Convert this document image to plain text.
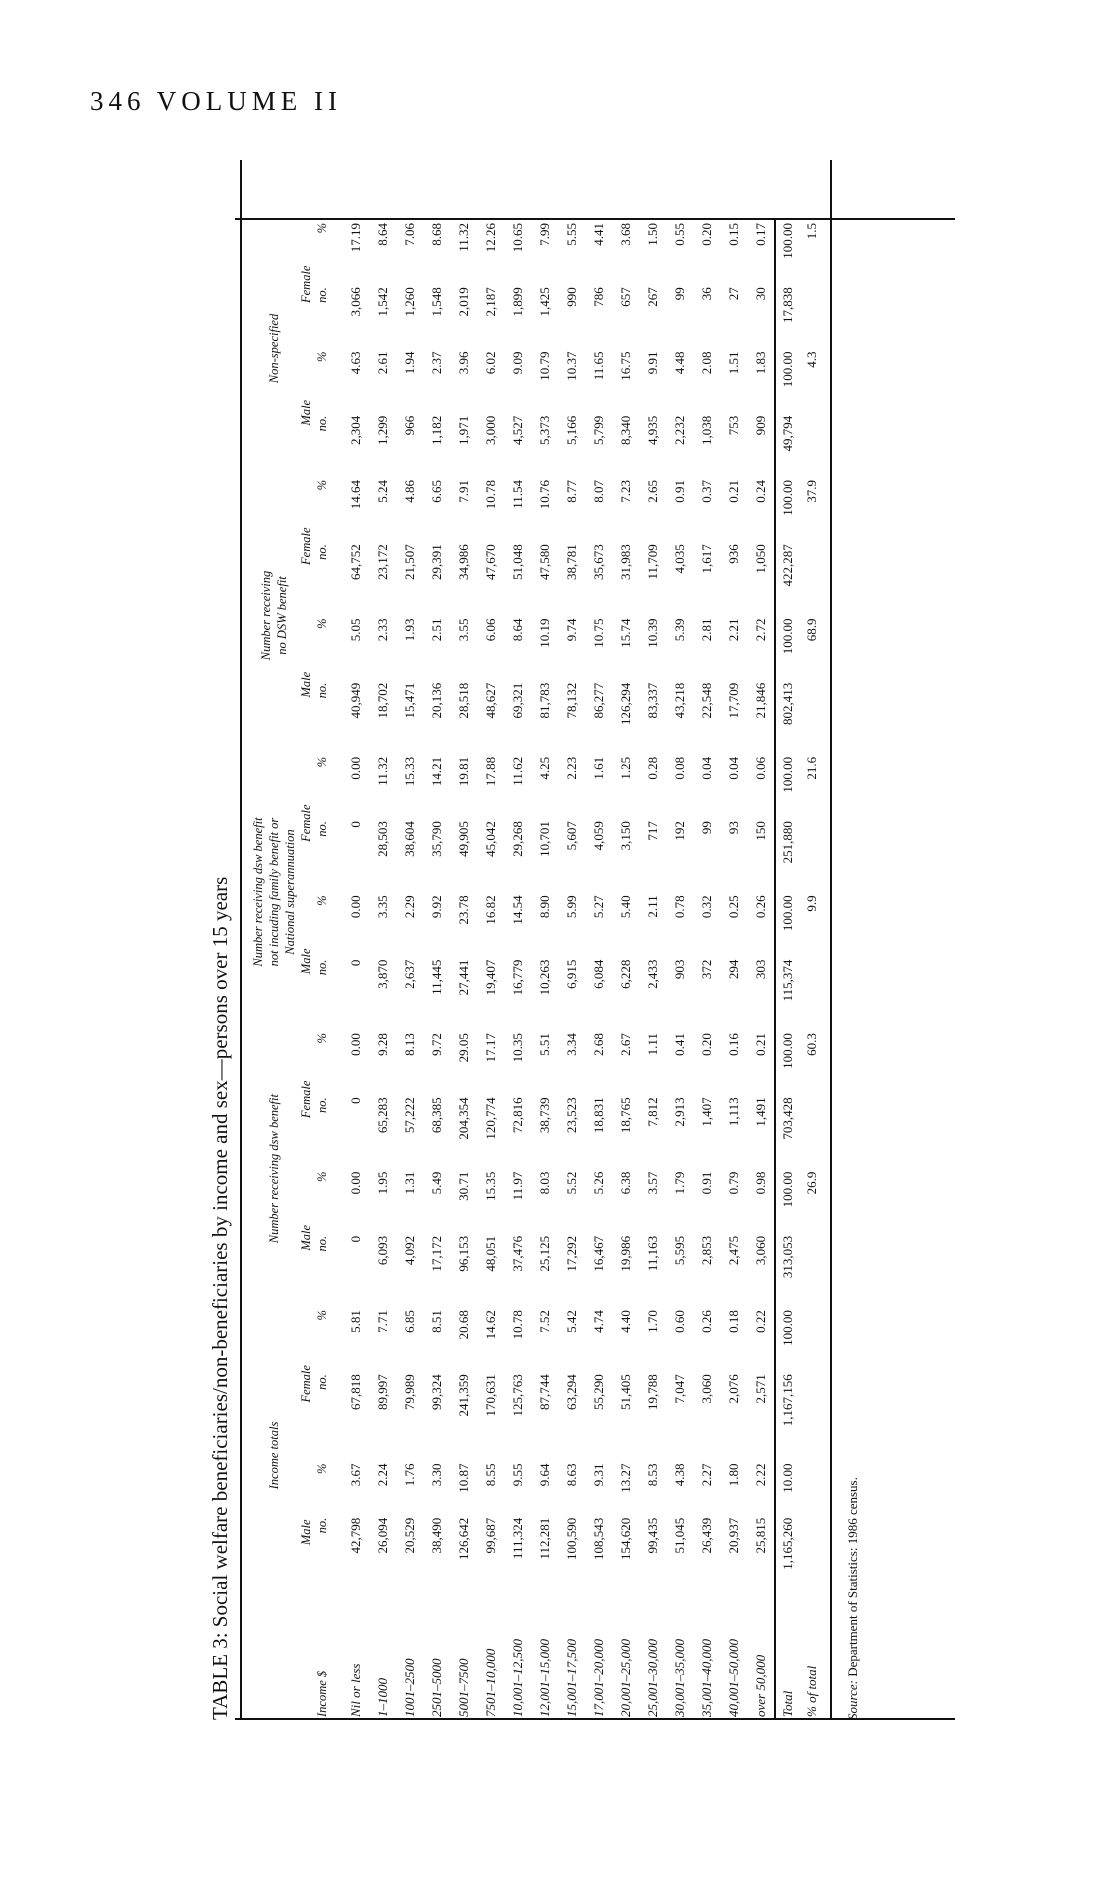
346 VOLUME II
TABLE 3: Social welfare beneficiaries/non-beneficiaries by income and sex—persons over 15 years
		Income totals				Number receiving dsw benefit				Number receiving dsw benefit not incuding family benefit or National superannuation				Number receiving no DSW benefit				Non-specified			
	Male		Female		Male		Female		Male		Female		Male		Female		Male		Female	
Income $	no.	%	no.	%	no.	%	no.	%	no.	%	no.	%	no.	%	no.	%	no.	%	no.	%
Nil or less	42,798	3.67	67,818	5.81	0	0.00	0	0.00	0	0.00	0	0.00	40,949	5.05	64,752	14.64	2,304	4.63	3,066	17.19
1–1000	26,094	2.24	89,997	7.71	6,093	1.95	65,283	9.28	3,870	3.35	28,503	11.32	18,702	2.33	23,172	5.24	1,299	2.61	1,542	8.64
1001–2500	20,529	1.76	79,989	6.85	4,092	1.31	57,222	8.13	2,637	2.29	38,604	15.33	15,471	1.93	21,507	4.86	966	1.94	1,260	7.06
2501–5000	38,490	3.30	99,324	8.51	17,172	5.49	68,385	9.72	11,445	9.92	35,790	14.21	20,136	2.51	29,391	6.65	1,182	2.37	1,548	8.68
5001–7500	126,642	10.87	241,359	20.68	96,153	30.71	204,354	29.05	27,441	23.78	49,905	19.81	28,518	3.55	34,986	7.91	1,971	3.96	2,019	11.32
7501–10,000	99,687	8.55	170,631	14.62	48,051	15.35	120,774	17.17	19,407	16.82	45,042	17.88	48,627	6.06	47,670	10.78	3,000	6.02	2,187	12.26
10,001–12,500	111,324	9.55	125,763	10.78	37,476	11.97	72,816	10.35	16,779	14.54	29,268	11.62	69,321	8.64	51,048	11.54	4,527	9.09	1,899	10.65
12,001–15,000	112,281	9.64	87,744	7.52	25,125	8.03	38,739	5.51	10,263	8.90	10,701	4.25	81,783	10.19	47,580	10.76	5,373	10.79	1,425	7.99
15,001–17,500	100,590	8.63	63,294	5.42	17,292	5.52	23,523	3.34	6,915	5.99	5,607	2.23	78,132	9.74	38,781	8.77	5,166	10.37	990	5.55
17,001–20,000	108,543	9.31	55,290	4.74	16,467	5.26	18,831	2.68	6,084	5.27	4,059	1.61	86,277	10.75	35,673	8.07	5,799	11.65	786	4.41
20,001–25,000	154,620	13.27	51,405	4.40	19,986	6.38	18,765	2.67	6,228	5.40	3,150	1.25	126,294	15.74	31,983	7.23	8,340	16.75	657	3.68
25,001–30,000	99,435	8.53	19,788	1.70	11,163	3.57	7,812	1.11	2,433	2.11	717	0.28	83,337	10.39	11,709	2.65	4,935	9.91	267	1.50
30,001–35,000	51,045	4.38	7,047	0.60	5,595	1.79	2,913	0.41	903	0.78	192	0.08	43,218	5.39	4,035	0.91	2,232	4.48	99	0.55
35,001–40,000	26,439	2.27	3,060	0.26	2,853	0.91	1,407	0.20	372	0.32	99	0.04	22,548	2.81	1,617	0.37	1,038	2.08	36	0.20
40,001–50,000	20,937	1.80	2,076	0.18	2,475	0.79	1,113	0.16	294	0.25	93	0.04	17,709	2.21	936	0.21	753	1.51	27	0.15
over 50,000	25,815	2.22	2,571	0.22	3,060	0.98	1,491	0.21	303	0.26	150	0.06	21,846	2.72	1,050	0.24	909	1.83	30	0.17
Total	1,165,260	10.00	1,167,156	100.00	313,053	100.00	703,428	100.00	115,374	100.00	251,880	100.00	802,413	100.00	422,287	100.00	49,794	100.00	17,838	100.00
% of total						26.9		60.3		9.9		21.6		68.9		37.9		4.3		1.5
Source: Department of Statistics: 1986 census.
